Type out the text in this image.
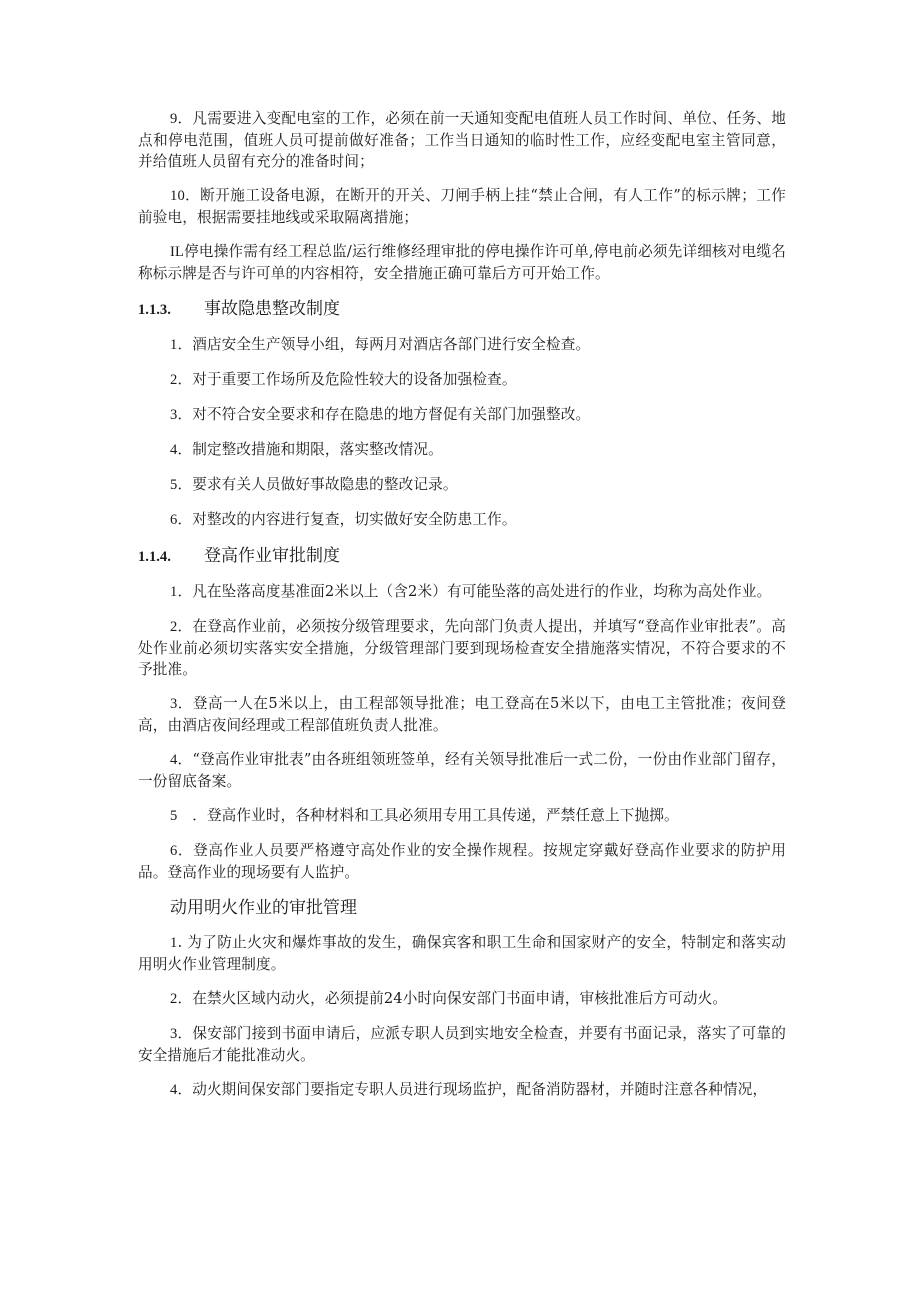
9．凡需要进入变配电室的工作，必须在前一天通知变配电值班人员工作时间、单位、任务、地点和停电范围，值班人员可提前做好准备；工作当日通知的临时性工作，应经变配电室主管同意，并给值班人员留有充分的准备时间；

10．断开施工设备电源，在断开的开关、刀闸手柄上挂“禁止合闸，有人工作”的标示牌；工作前验电，根据需要挂地线或采取隔离措施；

IL停电操作需有经工程总监/运行维修经理审批的停电操作许可单,停电前必须先详细核对电缆名称标示牌是否与许可单的内容相符，安全措施正确可靠后方可开始工作。

1.1.3.	事故隐患整改制度

1．酒店安全生产领导小组，每两月对酒店各部门进行安全检查。

2．对于重要工作场所及危险性较大的设备加强检查。

3．对不符合安全要求和存在隐患的地方督促有关部门加强整改。

4．制定整改措施和期限，落实整改情况。

5．要求有关人员做好事故隐患的整改记录。

6．对整改的内容进行复查，切实做好安全防患工作。

1.1.4.	登高作业审批制度

1．凡在坠落高度基准面2米以上（含2米）有可能坠落的高处进行的作业，均称为高处作业。

2．在登高作业前，必须按分级管理要求，先向部门负责人提出，并填写“登高作业审批表”。高处作业前必须切实落实安全措施，分级管理部门要到现场检查安全措施落实情况，不符合要求的不予批准。

3．登高一人在5米以上，由工程部领导批准；电工登高在5米以下，由电工主管批准；夜间登高，由酒店夜间经理或工程部值班负责人批准。

4．“登高作业审批表”由各班组领班签单，经有关领导批准后一式二份，一份由作业部门留存，一份留底备案。

5　．登高作业时，各种材料和工具必须用专用工具传递，严禁任意上下抛掷。

6．登高作业人员要严格遵守高处作业的安全操作规程。按规定穿戴好登高作业要求的防护用品。登高作业的现场要有人监护。

动用明火作业的审批管理

1. 为了防止火灾和爆炸事故的发生，确保宾客和职工生命和国家财产的安全，特制定和落实动用明火作业管理制度。

2．在禁火区域内动火，必须提前24小时向保安部门书面申请，审核批准后方可动火。

3．保安部门接到书面申请后，应派专职人员到实地安全检查，并要有书面记录，落实了可靠的安全措施后才能批准动火。

4．动火期间保安部门要指定专职人员进行现场监护，配备消防器材，并随时注意各种情况，
